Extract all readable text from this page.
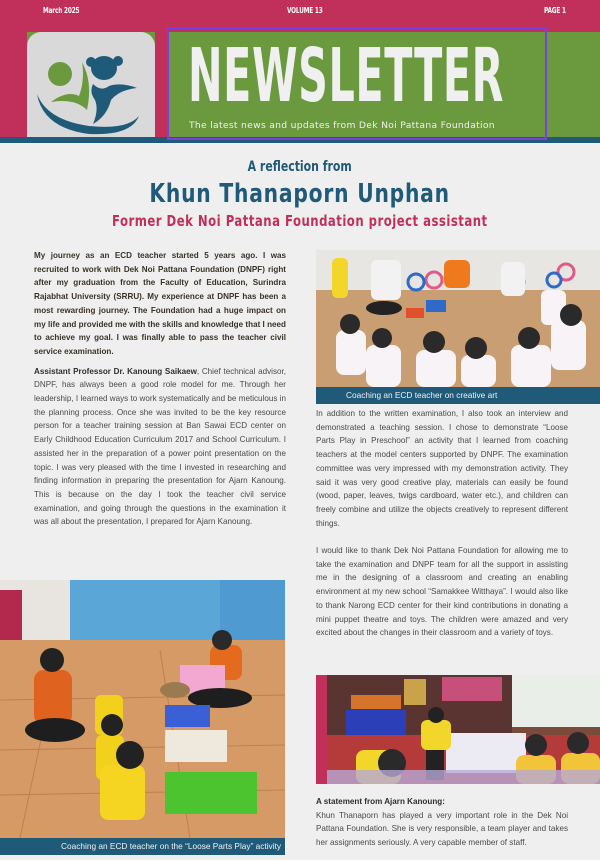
March 2025	VOLUME 13	PAGE 1
NEWSLETTER
The latest news and updates from Dek Noi Pattana Foundation
A reflection from
Khun Thanaporn Unphan
Former Dek Noi Pattana Foundation project assistant

My journey as an ECD teacher started 5 years ago. I was recruited to work with Dek Noi Pattana Foundation (DNPF) right after my graduation from the Faculty of Education, Surindra Rajabhat University (SRRU). My experience at DNPF has been a most rewarding journey. The Foundation had a huge impact on my life and provided me with the skills and knowledge that I need to achieve my goal. I was finally able to pass the teacher civil service examination.

Assistant Professor Dr. Kanoung Saikaew, Chief technical advisor, DNPF, has always been a good role model for me. Through her leadership, I learned ways to work systematically and be meticulous in the planning process. Once she was invited to be the key resource person for a teacher training session at Ban Sawai ECD center on Early Childhood Education Curriculum 2017 and School Curriculum. I assisted her in the preparation of a power point presentation on the topic. I was very pleased with the time I invested in researching and finding information in preparing the presentation for Ajarn Kanoung. This is because on the day I took the teacher civil service examination, and going through the questions in the examination it was all about the presentation, I prepared for Ajarn Kanoung.

Coaching an ECD teacher on the “Loose Parts Play” activity
Coaching an ECD teacher on creative art

In addition to the written examination, I also took an interview and demonstrated a teaching session. I chose to demonstrate “Loose Parts Play in Preschool” an activity that I learned from coaching teachers at the model centers supported by DNPF. The examination committee was very impressed with my demonstration activity. They said it was very good creative play, materials can easily be found (wood, paper, leaves, twigs cardboard, water etc.), and children can freely combine and utilize the objects creatively to represent different things.

I would like to thank Dek Noi Pattana Foundation for allowing me to take the examination and DNPF team for all the support in assisting me in the designing of a classroom and creating an enabling environment at my new school “Samakkee Witthaya”. I would also like to thank Narong ECD center for their kind contributions in donating a mini puppet theatre and toys. The children were amazed and very excited about the changes in their classroom and a variety of toys.

A statement from Ajarn Kanoung:

Khun Thanaporn has played a very important role in the Dek Noi Pattana Foundation. She is very responsible, a team player and takes her assignments seriously. A very capable member of staff.
